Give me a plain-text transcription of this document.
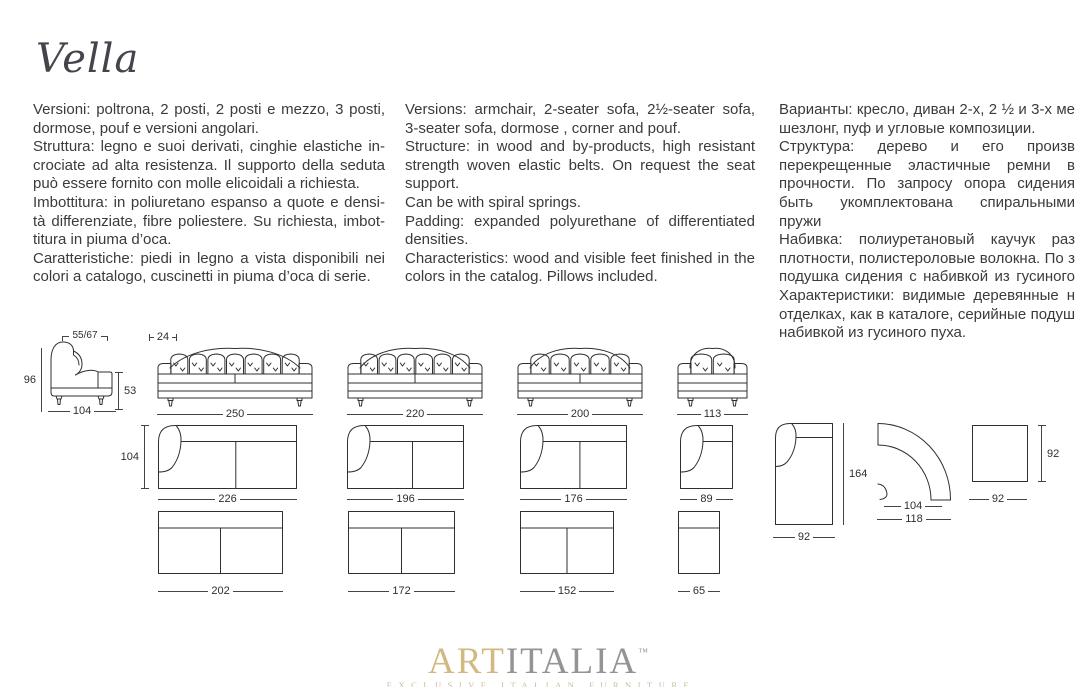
Vella
Versioni: poltrona, 2 posti, 2 posti e mezzo, 3 posti,
dormose, pouf e versioni angolari.
Struttura: legno e suoi derivati, cinghie elastiche in-
crociate ad alta resistenza. Il supporto della seduta
può essere fornito con molle elicoidali a richiesta.
Imbottitura: in poliuretano espanso a quote e densi-
tà differenziate, fibre poliestere. Su richiesta, imbot-
titura in piuma d’oca.
Caratteristiche: piedi in legno a vista disponibili nei
colori a catalogo, cuscinetti in piuma d’oca di serie.
Versions: armchair, 2-seater sofa, 2½-seater sofa,
3-seater sofa, dormose , corner and pouf.
Structure: in wood and by-products, high resistant
strength woven elastic belts. On request the seat
support.
Can be with spiral springs.
Padding: expanded polyurethane of differentiated
densities.
Characteristics: wood and visible feet finished in the
colors in the catalog. Pillows included.
Варианты: кресло, диван 2-х, 2 ½ и 3-х ме
шезлонг, пуф и угловые композиции.
Структура: дерево и его произв
перекрещенные эластичные ремни в
прочности. По запросу опора сидения
быть укомплектована спиральными пружи
Набивка: полиуретановый каучук раз
плотности, полистероловые волокна. По з
подушка сидения с набивкой из гусиного
Характеристики: видимые деревянные н
отделках, как в каталоге, серийные подуш
набивкой из гусиного пуха.
55/67
96
53
104
24
250	220	200	113
104
226	196	176	89
164
92
104
118
92
92
202	172	152	65
ARTITALIA™
EXCLUSIVE ITALIAN FURNITURE
